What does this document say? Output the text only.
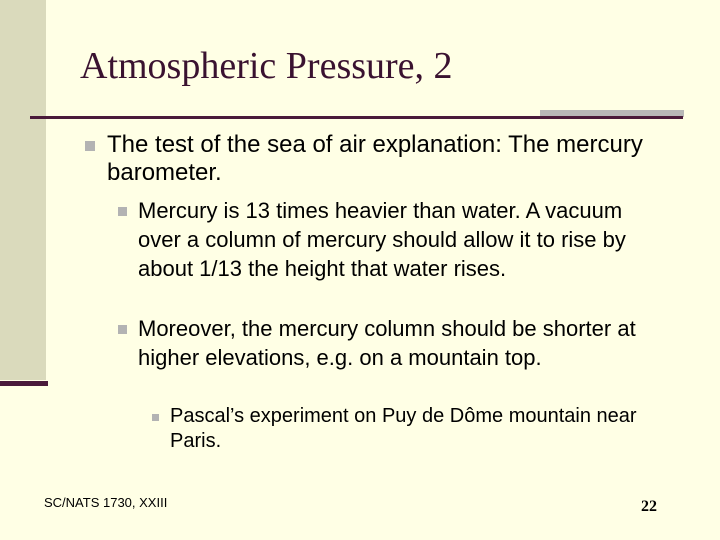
Atmospheric Pressure, 2
The test of the sea of air explanation: The mercury barometer.
Mercury is 13 times heavier than water. A vacuum over a column of mercury should allow it to rise by about 1/13 the height that water rises.
Moreover, the mercury column should be shorter at higher elevations, e.g. on a mountain top.
Pascal’s experiment on Puy de Dôme mountain near Paris.
SC/NATS 1730, XXIII	22
